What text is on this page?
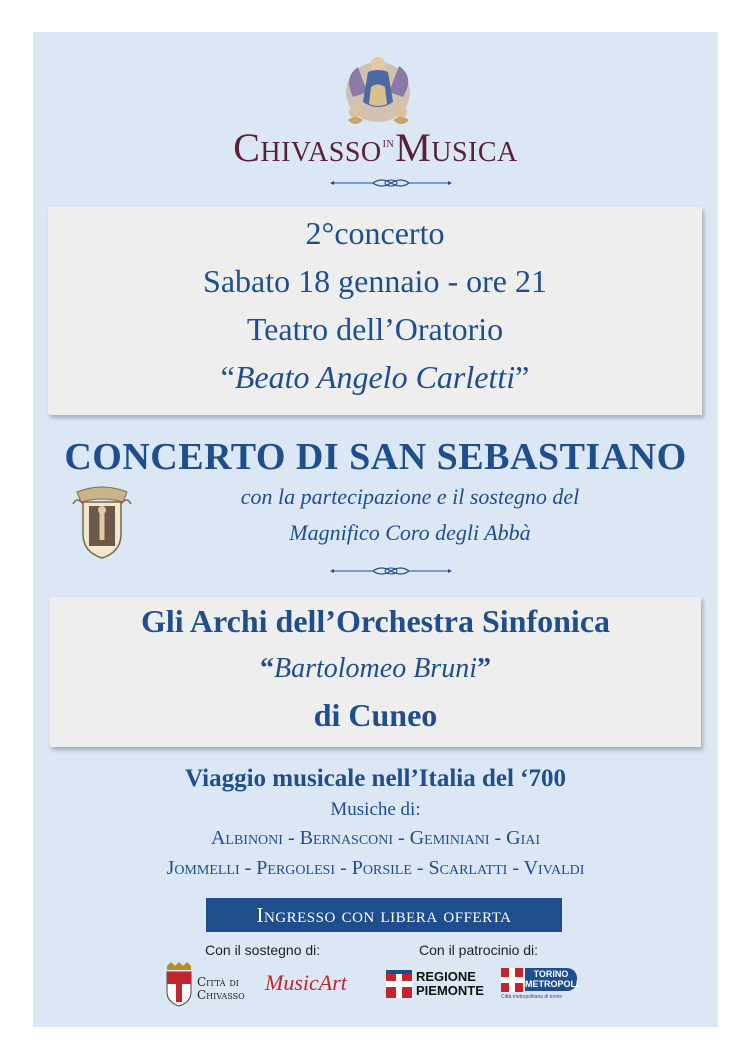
Chivasso$^{IN}$Musica
2°concerto
Sabato 18 gennaio - ore 21
Teatro dell’Oratorio
“Beato Angelo Carletti”
CONCERTO DI SAN SEBASTIANO
con la partecipazione e il sostegno del
Magnifico Coro degli Abbà
Gli Archi dell’Orchestra Sinfonica
“Bartolomeo Bruni”
di Cuneo
Viaggio musicale nell’Italia del ‘700
Musiche di:
Albinoni - Bernasconi - Geminiani - Giai
Jommelli - Pergolesi - Porsile - Scarlatti - Vivaldi
Ingresso con libera offerta
Con il sostegno di:	Con il patrocinio di:
Città di
Chivasso MusicArt	REGIONE
PIEMONTE
TORINO
METROPOLI
Città metropolitana di torino
